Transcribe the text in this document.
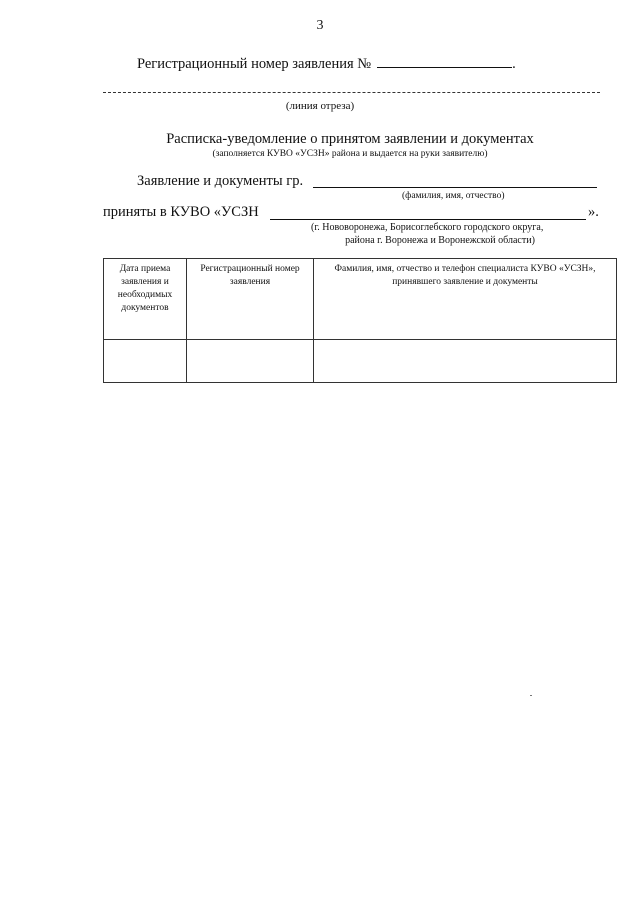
3
Регистрационный номер заявления №	.
(линия отреза)
Расписка-уведомление о принятом заявлении и документах
(заполняется КУВО «УСЗН» района и выдается на руки заявителю)
Заявление и документы гр.
(фамилия, имя, отчество)
приняты в КУВО «УСЗН	».
(г. Нововоронежа, Борисоглебского городского округа,
района г. Воронежа и Воронежской области)
Дата приема заявления и необходимых документов	Регистрационный номер заявления	Фамилия, имя, отчество и телефон специалиста КУВО «УСЗН», принявшего заявление и документы
